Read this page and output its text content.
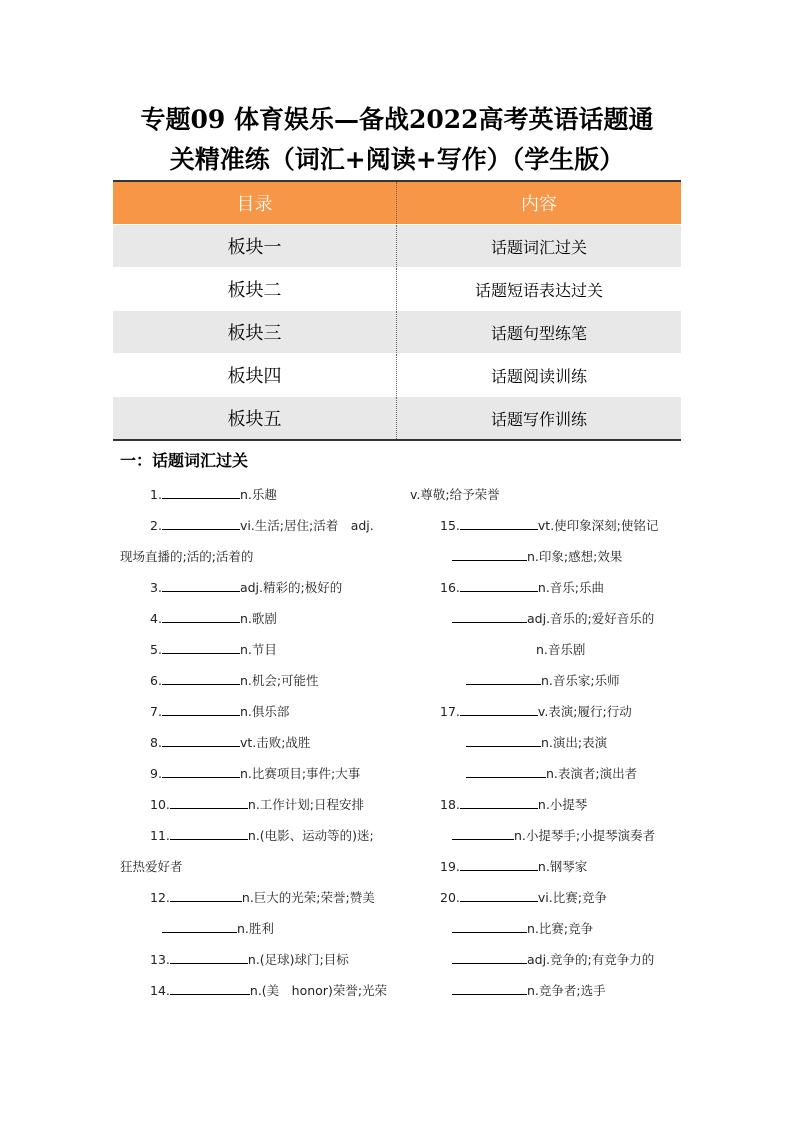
专题09 体育娱乐—备战2022高考英语话题通
关精准练（词汇+阅读+写作）（学生版）
目录	内容
板块一	话题词汇过关
板块二	话题短语表达过关
板块三	话题句型练笔
板块四	话题阅读训练
板块五	话题写作训练
一：话题词汇过关
1.	n.乐趣
2.	vi.生活;居住;活着　adj.
现场直播的;活的;活着的
3.	adj.精彩的;极好的
4.	n.歌剧
5.	n.节目
6.	n.机会;可能性
7.	n.俱乐部
8.	vt.击败;战胜
9.	n.比赛项目;事件;大事
10.	n.工作计划;日程安排
11.	n.(电影、运动等的)迷;
狂热爱好者
12.	n.巨大的光荣;荣誉;赞美
n.胜利
13.	n.(足球)球门;目标
14.	n.(美　honor)荣誉;光荣
v.尊敬;给予荣誉
15.	vt.使印象深刻;使铭记
n.印象;感想;效果
16.	n.音乐;乐曲
adj.音乐的;爱好音乐的
n.音乐剧
n.音乐家;乐师
17.	v.表演;履行;行动
n.演出;表演
n.表演者;演出者
18.	n.小提琴
n.小提琴手;小提琴演奏者
19.	n.钢琴家
20.	vi.比赛;竞争
n.比赛;竞争
adj.竞争的;有竞争力的
n.竞争者;选手
